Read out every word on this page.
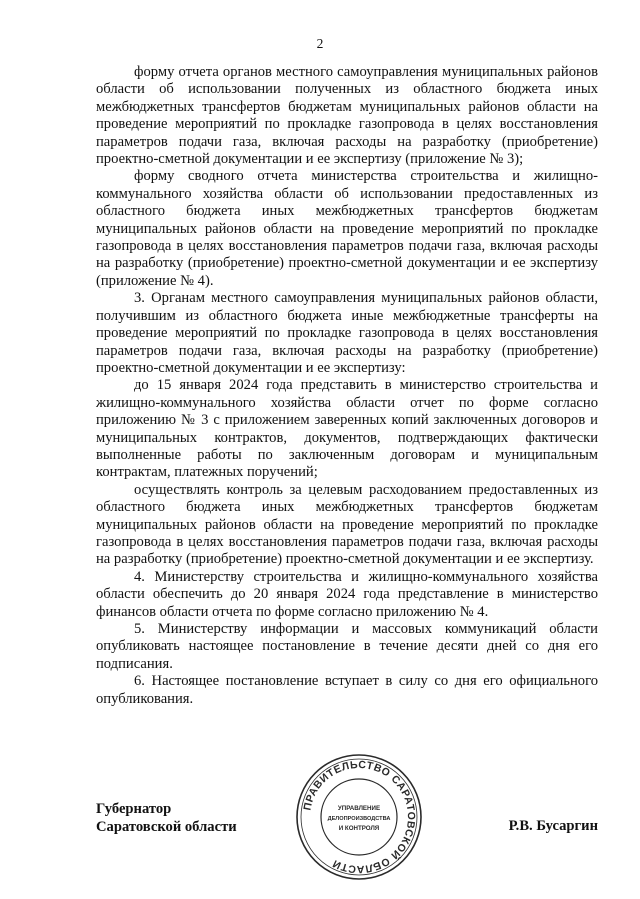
2

форму отчета органов местного самоуправления муниципальных районов области об использовании полученных из областного бюджета иных межбюджетных трансфертов бюджетам муниципальных районов области на проведение мероприятий по прокладке газопровода в целях восстановления параметров подачи газа, включая расходы на разработку (приобретение) проектно-сметной документации и ее экспертизу (приложение № 3);

форму сводного отчета министерства строительства и жилищно-коммунального хозяйства области об использовании предоставленных из областного бюджета иных межбюджетных трансфертов бюджетам муниципальных районов области на проведение мероприятий по прокладке газопровода в целях восстановления параметров подачи газа, включая расходы на разработку (приобретение) проектно-сметной документации и ее экспертизу (приложение № 4).

3. Органам местного самоуправления муниципальных районов области, получившим из областного бюджета иные межбюджетные трансферты на проведение мероприятий по прокладке газопровода в целях восстановления параметров подачи газа, включая расходы на разработку (приобретение) проектно-сметной документации и ее экспертизу:

до 15 января 2024 года представить в министерство строительства и жилищно-коммунального хозяйства области отчет по форме согласно приложению № 3 с приложением заверенных копий заключенных договоров и муниципальных контрактов, документов, подтверждающих фактически выполненные работы по заключенным договорам и муниципальным контрактам, платежных поручений;

осуществлять контроль за целевым расходованием предоставленных из областного бюджета иных межбюджетных трансфертов бюджетам муниципальных районов области на проведение мероприятий по прокладке газопровода в целях восстановления параметров подачи газа, включая расходы на разработку (приобретение) проектно-сметной документации и ее экспертизу.

4. Министерству строительства и жилищно-коммунального хозяйства области обеспечить до 20 января 2024 года представление в министерство финансов области отчета по форме согласно приложению № 4.

5. Министерству информации и массовых коммуникаций области опубликовать настоящее постановление в течение десяти дней со дня его подписания.

6. Настоящее постановление вступает в силу со дня его официального опубликования.

Губернатор
Саратовской области	Р.В. Бусаргин
ПРАВИТЕЛЬСТВО САРАТОВСКОЙ ОБЛАСТИ
УПРАВЛЕНИЕ
ДЕЛОПРОИЗВОДСТВА
И КОНТРОЛЯ
